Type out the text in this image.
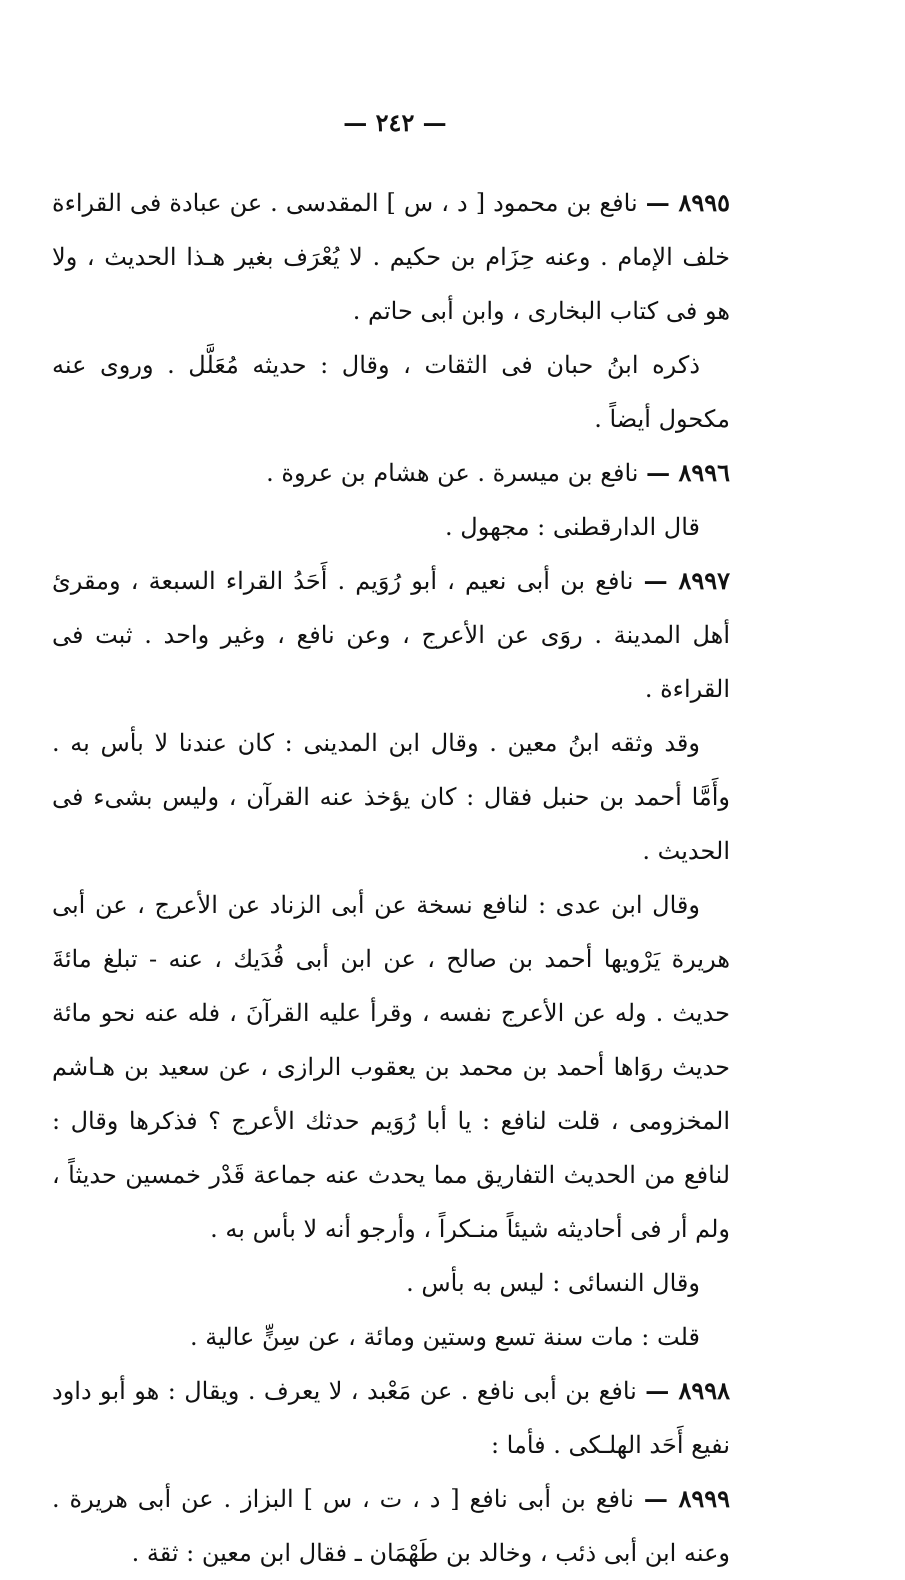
— ٢٤٢ —

٨٩٩٥ — نافع بن محمود [ د ، س ] المقدسى . عن عبادة فى القراءة خلف الإمام . وعنه حِزَام بن حكيم . لا يُعْرَف بغير هـذا الحديث ، ولا هو فى كتاب البخارى ، وابن أبى حاتم .

ذكره ابنُ حبان فى الثقات ، وقال : حديثه مُعَلَّل . وروى عنه مكحول أيضاً .

٨٩٩٦ — نافع بن ميسرة . عن هشام بن عروة .

قال الدارقطنى : مجهول .

٨٩٩٧ — نافع بن أبى نعيم ، أبو رُوَيم . أَحَدُ القراء السبعة ، ومقرئ أهل المدينة . روَى عن الأعرج ، وعن نافع ، وغير واحد . ثبت فى القراءة .

وقد وثقه ابنُ معين . وقال ابن المدينى : كان عندنا لا بأس به . وأَمَّا أحمد بن حنبل فقال : كان يؤخذ عنه القرآن ، وليس بشىء فى الحديث .

وقال ابن عدى : لنافع نسخة عن أبى الزناد عن الأعرج ، عن أبى هريرة يَرْويها أحمد بن صالح ، عن ابن أبى فُدَيك ، عنه - تبلغ مائةَ حديث . وله عن الأعرج نفسه ، وقرأ عليه القرآنَ ، فله عنه نحو مائة حديث روَاها أحمد بن محمد بن يعقوب الرازى ، عن سعيد بن هـاشم المخزومى ، قلت لنافع : يا أبا رُوَيم حدثك الأعرج ؟ فذكرها وقال : لنافع من الحديث التفاريق مما يحدث عنه جماعة قَدْر خمسين حديثاً ، ولم أر فى أحاديثه شيئاً منـكراً ، وأرجو أنه لا بأس به .

وقال النسائى : ليس به بأس .

قلت : مات سنة تسع وستين ومائة ، عن سِنٍّ عالية .

٨٩٩٨ — نافع بن أبى نافع . عن مَعْبد ، لا يعرف . ويقال : هو أبو داود نفيع أَحَد الهلـكى . فأما :

٨٩٩٩ — نافع بن أبى نافع [ د ، ت ، س ] البزاز . عن أبى هريرة . وعنه ابن أبى ذئب ، وخالد بن طَهْمَان ـ فقال ابن معين : ثقة .
